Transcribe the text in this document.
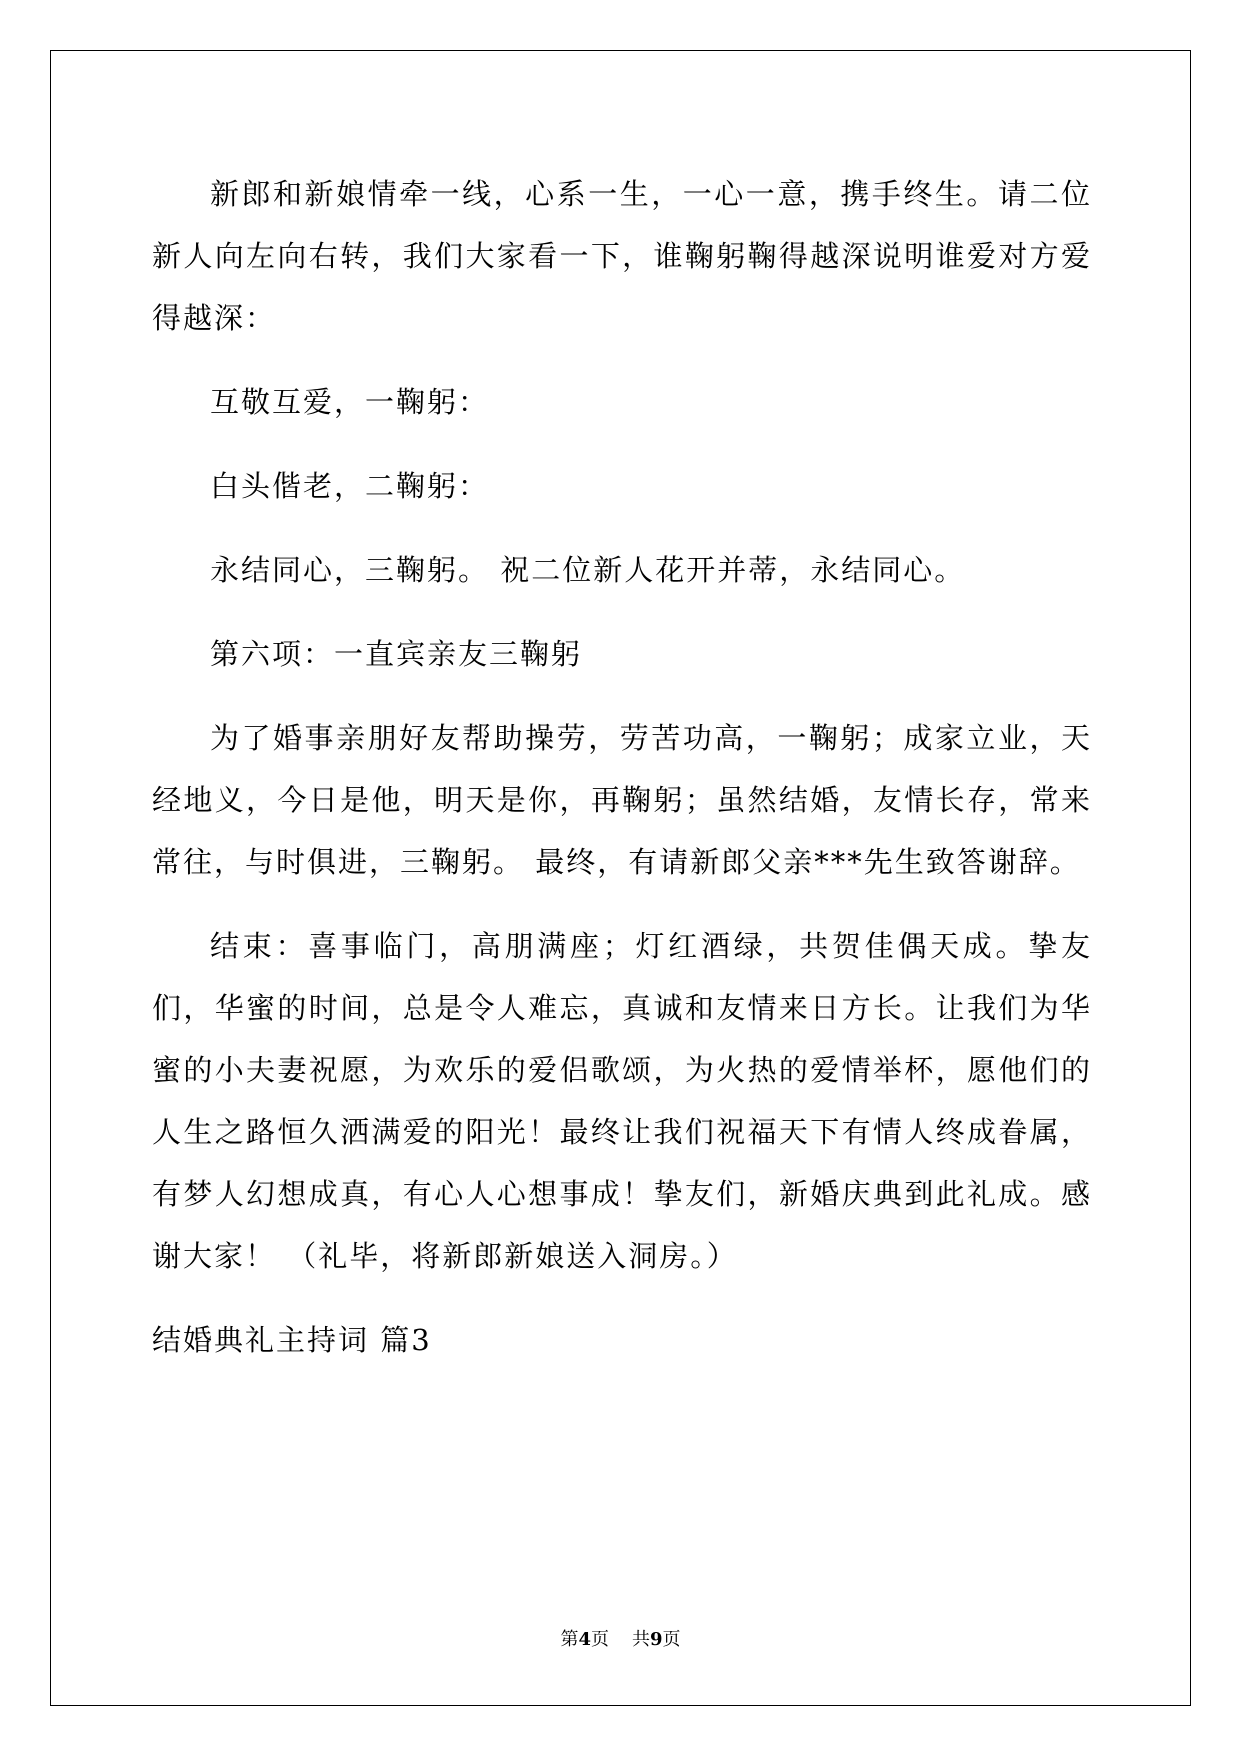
新郎和新娘情牵一线，心系一生，一心一意，携手终生。请二位新人向左向右转，我们大家看一下，谁鞠躬鞠得越深说明谁爱对方爱得越深：

互敬互爱，一鞠躬：

白头偕老，二鞠躬：

永结同心，三鞠躬。 祝二位新人花开并蒂，永结同心。

第六项：一直宾亲友三鞠躬

为了婚事亲朋好友帮助操劳，劳苦功高，一鞠躬；成家立业，天经地义，今日是他，明天是你，再鞠躬；虽然结婚，友情长存，常来常往，与时俱进，三鞠躬。 最终，有请新郎父亲***先生致答谢辞。

结束：喜事临门，高朋满座；灯红酒绿，共贺佳偶天成。挚友们，华蜜的时间，总是令人难忘，真诚和友情来日方长。让我们为华蜜的小夫妻祝愿，为欢乐的爱侣歌颂，为火热的爱情举杯，愿他们的人生之路恒久洒满爱的阳光！最终让我们祝福天下有情人终成眷属，有梦人幻想成真，有心人心想事成！挚友们，新婚庆典到此礼成。感谢大家！ （礼毕，将新郎新娘送入洞房。）

结婚典礼主持词 篇3

第4页 共9页
